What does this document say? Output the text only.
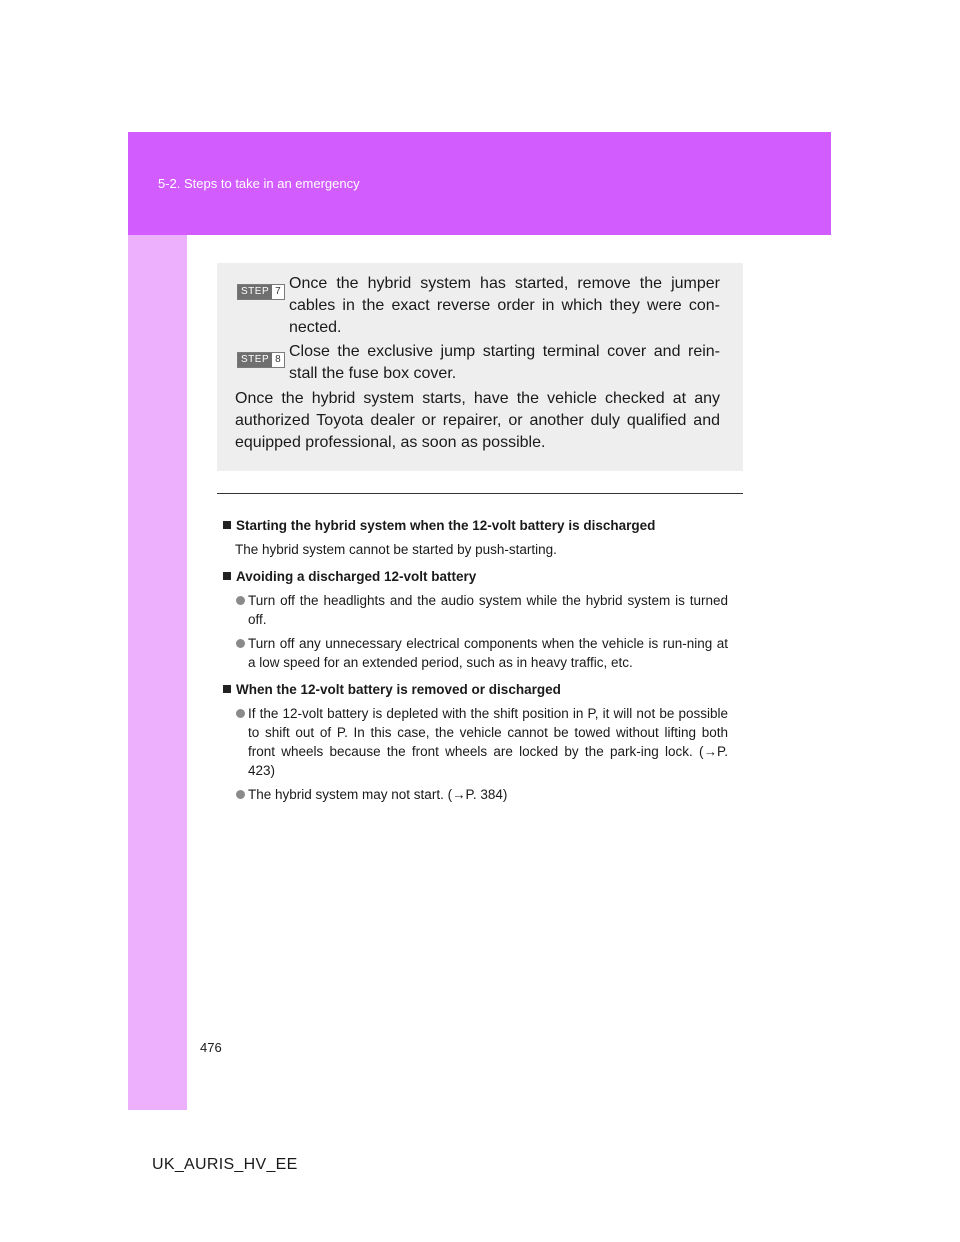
5-2. Steps to take in an emergency
STEP 7 Once the hybrid system has started, remove the jumper cables in the exact reverse order in which they were con-nected.
STEP 8 Close the exclusive jump starting terminal cover and rein-stall the fuse box cover.
Once the hybrid system starts, have the vehicle checked at any authorized Toyota dealer or repairer, or another duly qualified and equipped professional, as soon as possible.
Starting the hybrid system when the 12-volt battery is discharged
The hybrid system cannot be started by push-starting.
Avoiding a discharged 12-volt battery
Turn off the headlights and the audio system while the hybrid system is turned off.
Turn off any unnecessary electrical components when the vehicle is run-ning at a low speed for an extended period, such as in heavy traffic, etc.
When the 12-volt battery is removed or discharged
If the 12-volt battery is depleted with the shift position in P, it will not be possible to shift out of P. In this case, the vehicle cannot be towed without lifting both front wheels because the front wheels are locked by the park-ing lock. (→P. 423)
The hybrid system may not start. (→P. 384)
476
UK_AURIS_HV_EE
